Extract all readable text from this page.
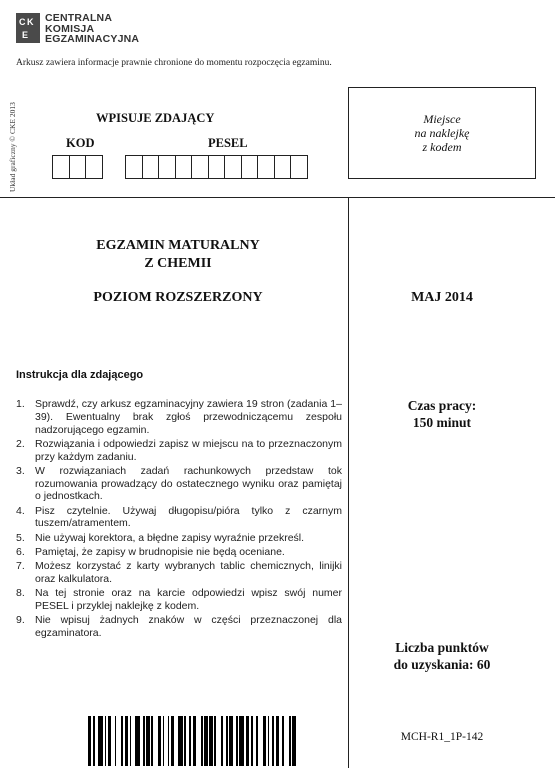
C K
E
CENTRALNA
KOMISJA
EGZAMINACYJNA
Arkusz zawiera informacje prawnie chronione do momentu rozpoczęcia egzaminu.
Układ graficzny © CKE 2013	WPISUJE ZDAJĄCY
KOD	PESEL
Miejsce
na naklejkę
z kodem
EGZAMIN MATURALNY
Z CHEMII
POZIOM ROZSZERZONY	MAJ 2014
Instrukcja dla zdającego
1. Sprawdź, czy arkusz egzaminacyjny zawiera 19 stron (zadania 1–39). Ewentualny brak zgłoś przewodniczącemu zespołu nadzorującego egzamin.
2. Rozwiązania i odpowiedzi zapisz w miejscu na to przeznaczonym przy każdym zadaniu.
3. W rozwiązaniach zadań rachunkowych przedstaw tok rozumowania prowadzący do ostatecznego wyniku oraz pamiętaj o jednostkach.
4. Pisz czytelnie. Używaj długopisu/pióra tylko z czarnym tuszem/atramentem.
5. Nie używaj korektora, a błędne zapisy wyraźnie przekreśl.
6. Pamiętaj, że zapisy w brudnopisie nie będą oceniane.
7. Możesz korzystać z karty wybranych tablic chemicznych, linijki oraz kalkulatora.
8. Na tej stronie oraz na karcie odpowiedzi wpisz swój numer PESEL i przyklej naklejkę z kodem.
9. Nie wpisuj żadnych znaków w części przeznaczonej dla egzaminatora.
Czas pracy:
150 minut
Liczba punktów
do uzyskania: 60
MCH-R1_1P-142
